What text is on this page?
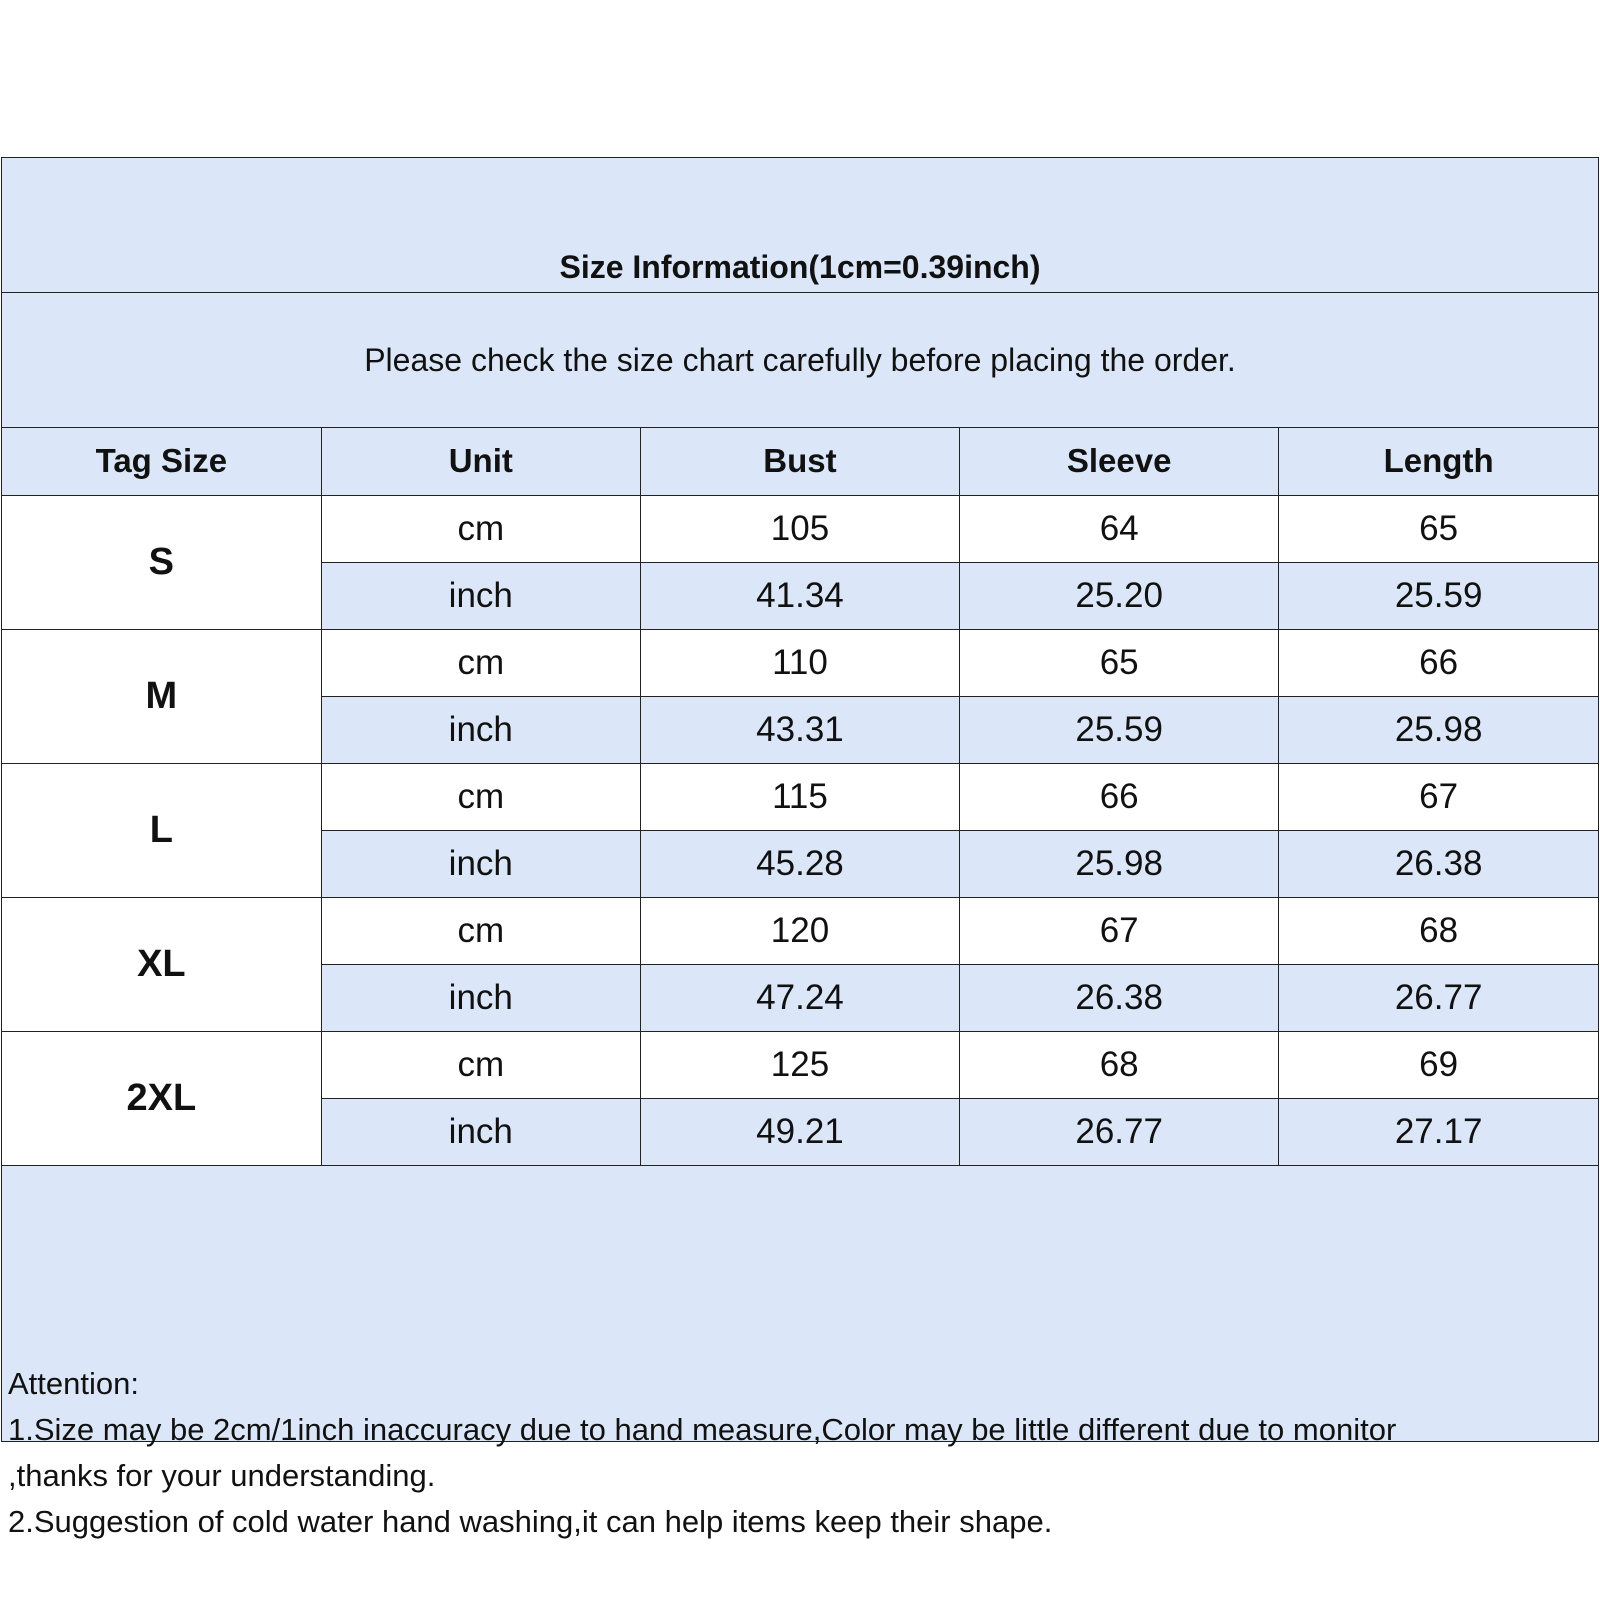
Size Information(1cm=0.39inch)
Please check the size chart carefully before placing the order.
Tag Size	Unit	Bust	Sleeve	Length
S	cm	105	64	65
	inch	41.34	25.20	25.59
M	cm	110	65	66
	inch	43.31	25.59	25.98
L	cm	115	66	67
	inch	45.28	25.98	26.38
XL	cm	120	67	68
	inch	47.24	26.38	26.77
2XL	cm	125	68	69
	inch	49.21	26.77	27.17
Attention:
1.Size may be 2cm/1inch inaccuracy due to hand measure,Color may be little different due to monitor
,thanks for your understanding.
2.Suggestion of cold water hand washing,it can help items keep their shape.
